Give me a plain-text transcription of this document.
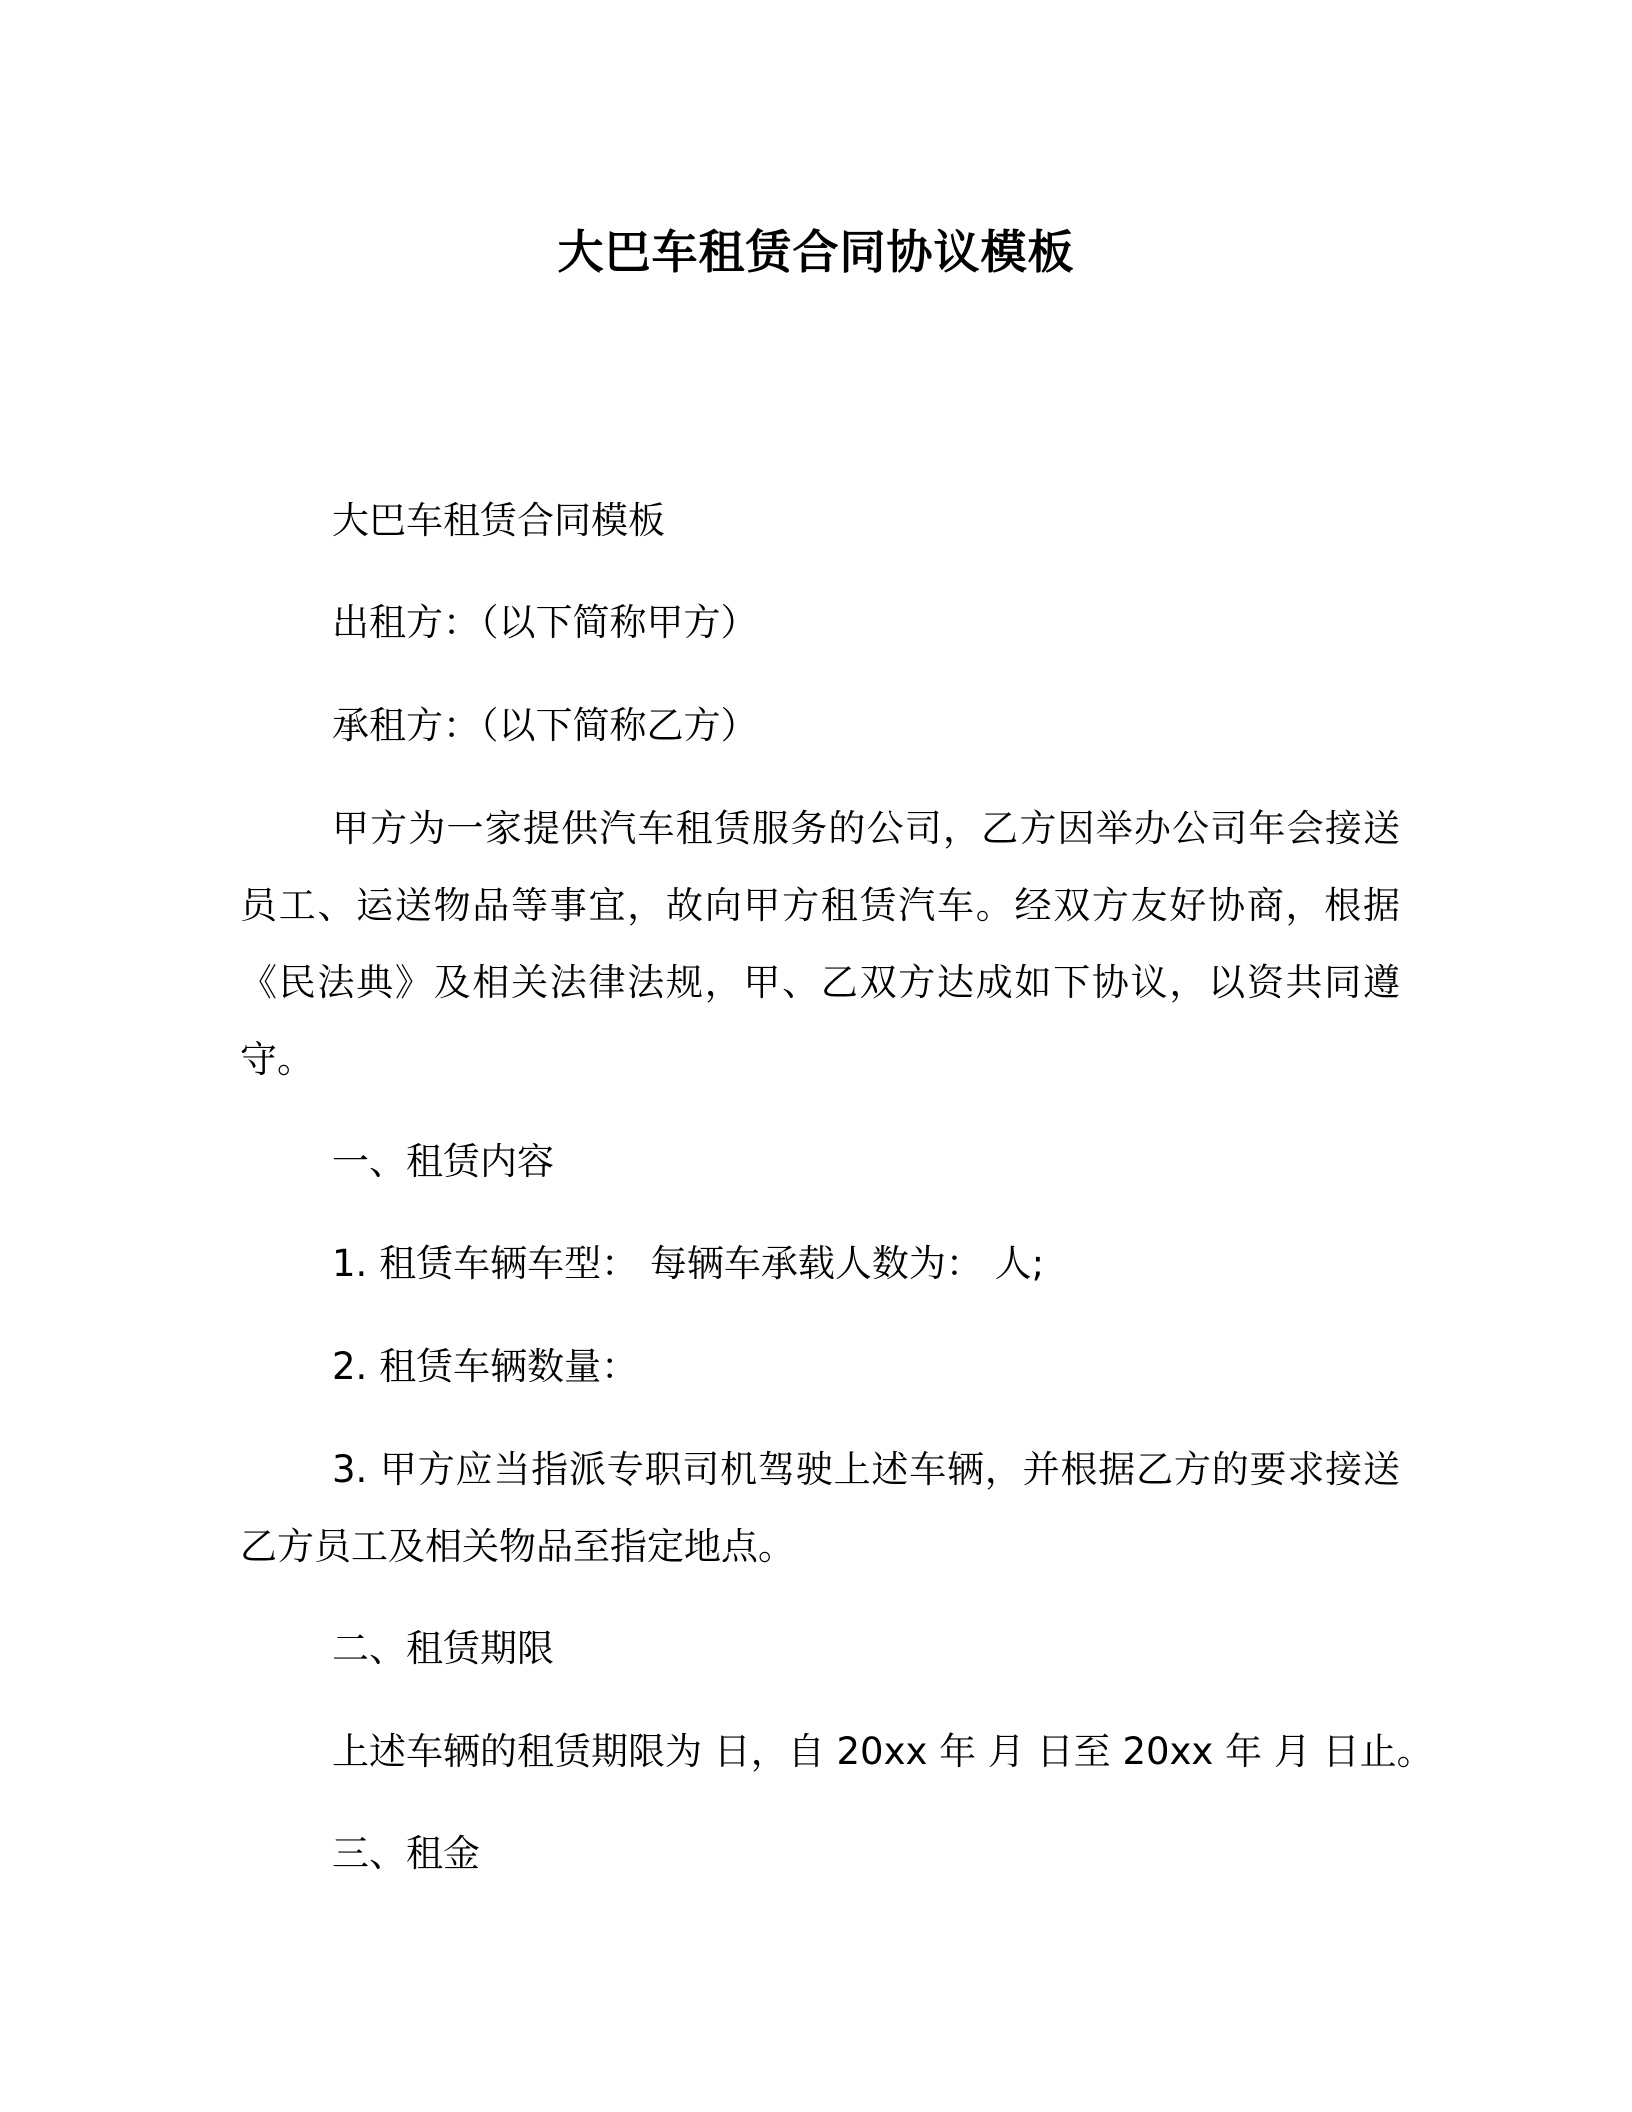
大巴车租赁合同协议模板
大巴车租赁合同模板
出租方：（以下简称甲方）
承租方：（以下简称乙方）
甲方为一家提供汽车租赁服务的公司，乙方因举办公司年会接送员工、运送物品等事宜，故向甲方租赁汽车。经双方友好协商，根据《民法典》及相关法律法规，甲、乙双方达成如下协议，以资共同遵守。
一、租赁内容
1. 租赁车辆车型： 每辆车承载人数为： 人;
2. 租赁车辆数量：
3. 甲方应当指派专职司机驾驶上述车辆，并根据乙方的要求接送乙方员工及相关物品至指定地点。
二、租赁期限
上述车辆的租赁期限为 日，自 20xx 年 月 日至 20xx 年 月 日止。
三、租金
